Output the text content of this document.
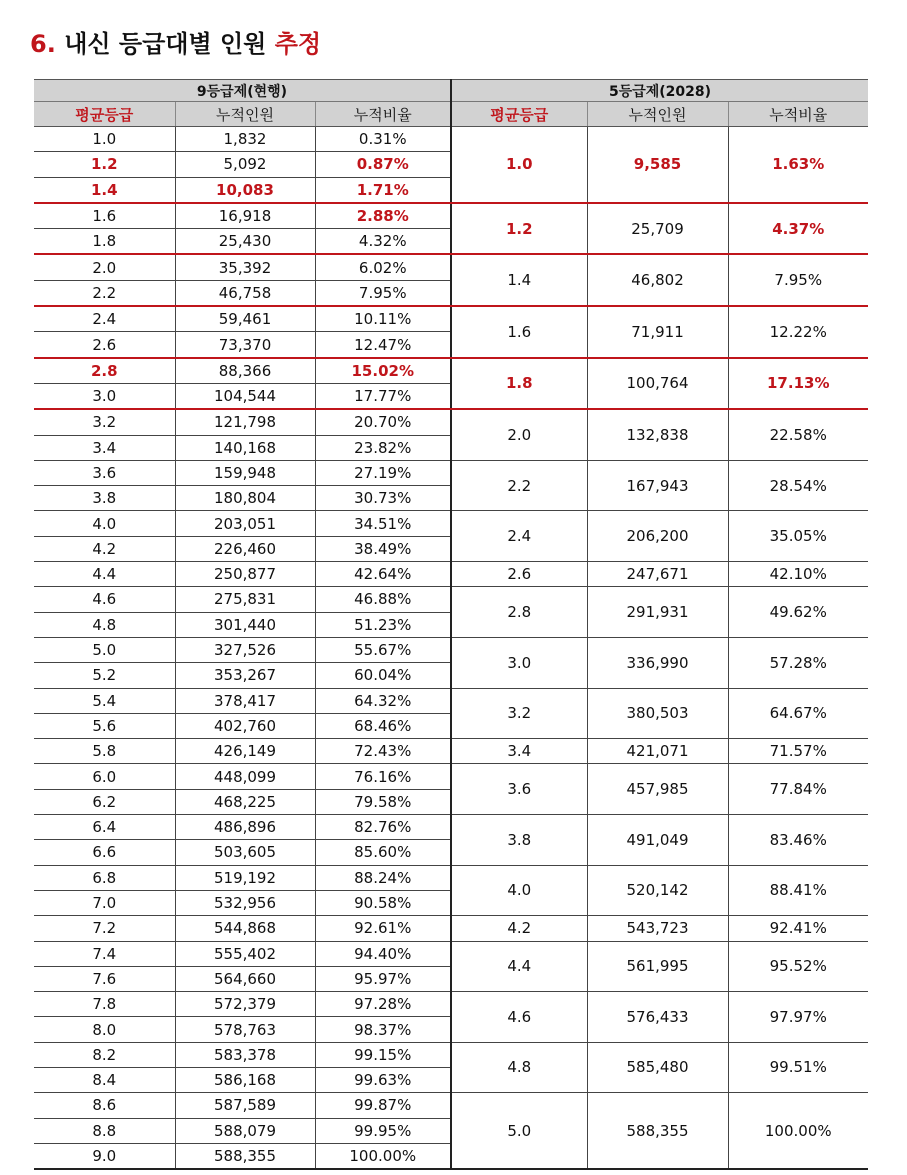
6. 내신 등급대별 인원 추정
9등급제(현행)			5등급제(2028)		
평균등급	누적인원	누적비율	평균등급	누적인원	누적비율
1.0	1,832	0.31%	1.0	9,585	1.63%
1.2	5,092	0.87%			
1.4	10,083	1.71%			
1.6	16,918	2.88%	1.2	25,709	4.37%
1.8	25,430	4.32%			
2.0	35,392	6.02%	1.4	46,802	7.95%
2.2	46,758	7.95%			
2.4	59,461	10.11%	1.6	71,911	12.22%
2.6	73,370	12.47%			
2.8	88,366	15.02%	1.8	100,764	17.13%
3.0	104,544	17.77%			
3.2	121,798	20.70%	2.0	132,838	22.58%
3.4	140,168	23.82%			
3.6	159,948	27.19%	2.2	167,943	28.54%
3.8	180,804	30.73%			
4.0	203,051	34.51%	2.4	206,200	35.05%
4.2	226,460	38.49%			
4.4	250,877	42.64%	2.6	247,671	42.10%
4.6	275,831	46.88%	2.8	291,931	49.62%
4.8	301,440	51.23%			
5.0	327,526	55.67%	3.0	336,990	57.28%
5.2	353,267	60.04%			
5.4	378,417	64.32%	3.2	380,503	64.67%
5.6	402,760	68.46%			
5.8	426,149	72.43%	3.4	421,071	71.57%
6.0	448,099	76.16%	3.6	457,985	77.84%
6.2	468,225	79.58%			
6.4	486,896	82.76%	3.8	491,049	83.46%
6.6	503,605	85.60%			
6.8	519,192	88.24%	4.0	520,142	88.41%
7.0	532,956	90.58%			
7.2	544,868	92.61%	4.2	543,723	92.41%
7.4	555,402	94.40%	4.4	561,995	95.52%
7.6	564,660	95.97%			
7.8	572,379	97.28%	4.6	576,433	97.97%
8.0	578,763	98.37%			
8.2	583,378	99.15%	4.8	585,480	99.51%
8.4	586,168	99.63%			
8.6	587,589	99.87%	5.0	588,355	100.00%
8.8	588,079	99.95%			
9.0	588,355	100.00%			
